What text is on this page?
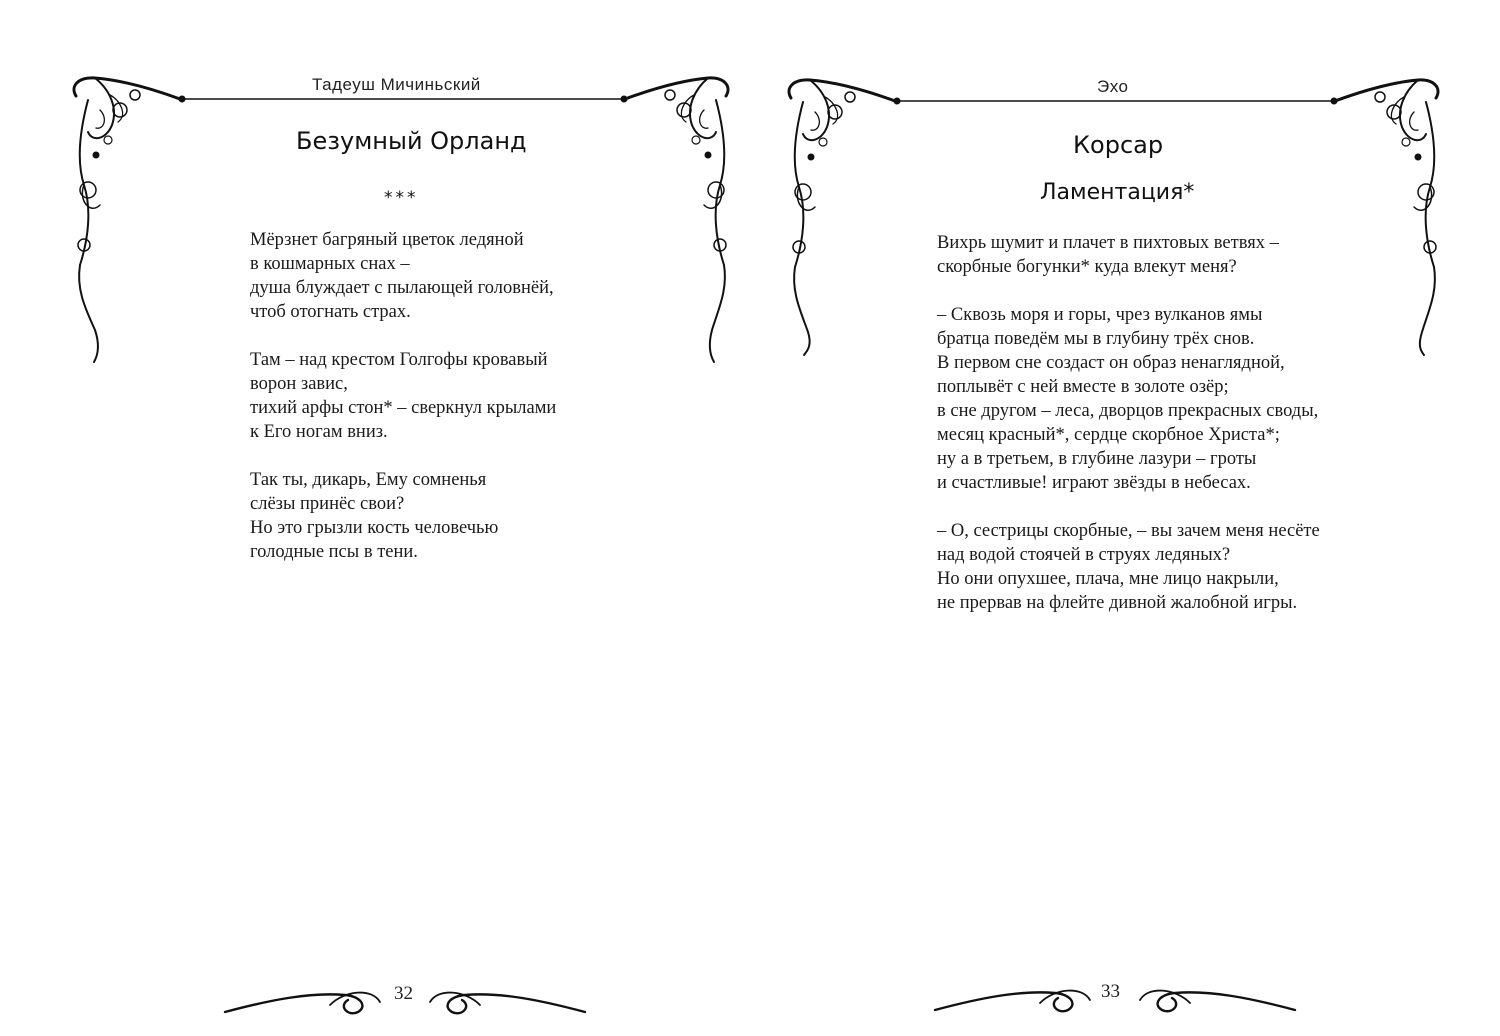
Тадеуш Мичиньский
Безумный Орланд
***
Мёрзнет багряный цветок ледяной
в кошмарных снах –
душа блуждает с пылающей головнёй,
чтоб отогнать страх.
Там – над крестом Голгофы кровавый
ворон завис,
тихий арфы стон* – сверкнул крылами
к Его ногам вниз.
Так ты, дикарь, Ему сомненья
слёзы принёс свои?
Но это грызли кость человечью
голодные псы в тени.
32
Эхо
Корсар
Ламентация*
Вихрь шумит и плачет в пихтовых ветвях –
скорбные богунки* куда влекут меня?
– Сквозь моря и горы, чрез вулканов ямы
братца поведём мы в глубину трёх снов.
В первом сне создаст он образ ненаглядной,
поплывёт с ней вместе в золоте озёр;
в сне другом – леса, дворцов прекрасных своды,
месяц красный*, сердце скорбное Христа*;
ну а в третьем, в глубине лазури – гроты
и счастливые! играют звёзды в небесах.
– О, сестрицы скорбные, – вы зачем меня несёте
над водой стоячей в струях ледяных?
Но они опухшее, плача, мне лицо накрыли,
не прервав на флейте дивной жалобной игры.
33
